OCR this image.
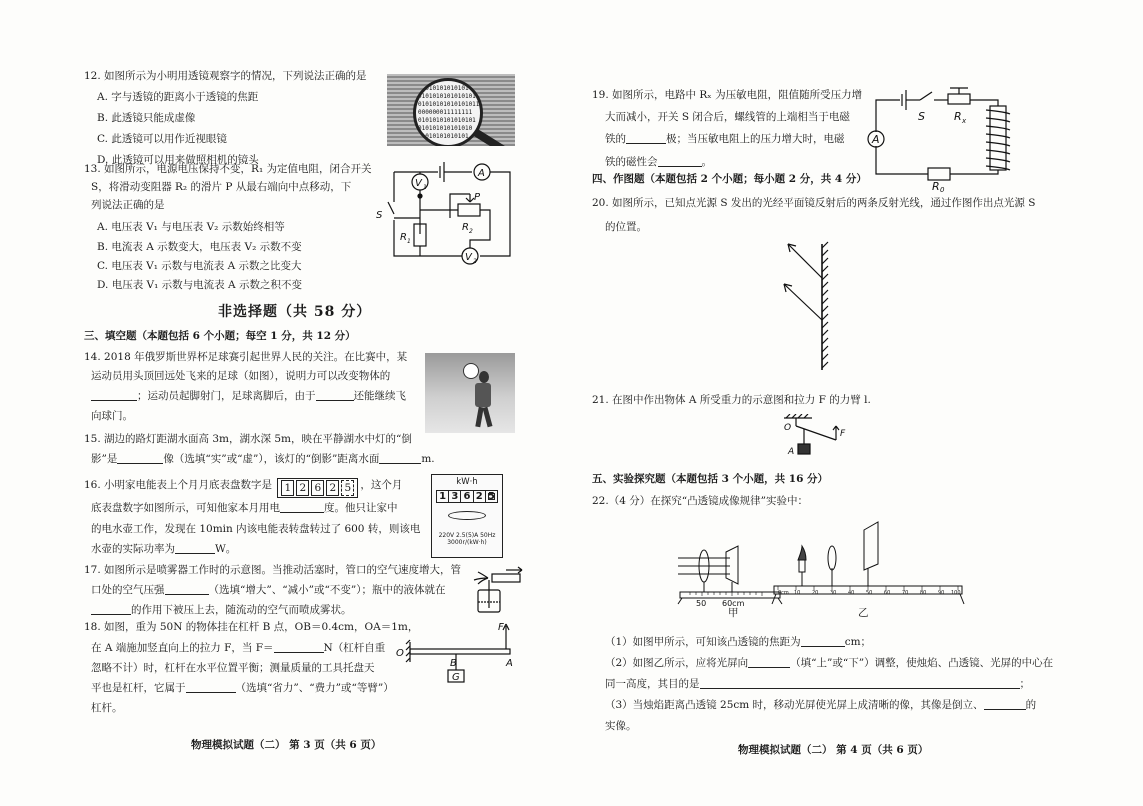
12. 如图所示为小明用透镜观察字的情况，下列说法正确的是
A. 字与透镜的距离小于透镜的焦距
B. 此透镜只能成虚像
C. 此透镜可以用作近视眼镜
D. 此透镜可以用来做照相机的镜头
01010101010101
0101010101010101
01010101010101011
000000011111111
0101010101010101
010101010101010
01010101010101
13. 如图所示，电源电压保持不变，R₁ 为定值电阻，闭合开关
S，将滑动变阻器 R₂ 的滑片 P 从最右端向中点移动，下
列说法正确的是
A. 电压表 V₁ 与电压表 V₂ 示数始终相等
B. 电流表 A 示数变大，电压表 V₂ 示数不变
C. 电压表 V₁ 示数与电流表 A 示数之比变大
D. 电压表 V₁ 示数与电流表 A 示数之积不变
A
V 1
V 2
S
P
R 1
R 2
非选择题（共 58 分）
三、填空题（本题包括 6 个小题；每空 1 分，共 12 分）
14. 2018 年俄罗斯世界杯足球赛引起世界人民的关注。在比赛中，某
运动员用头顶回远处飞来的足球（如图），说明力可以改变物体的
；运动员起脚射门，足球离脚后，由于	还能继续飞
向球门。
15. 湖边的路灯距湖水面高 3m，湖水深 5m，映在平静湖水中灯的“倒
影”是	像（选填“实”或“虚”），该灯的“倒影”距离水面	m.
16. 小明家电能表上个月月底表盘数字是 1 2 6 2 5 ，这个月
底表盘数字如图所示，可知他家本月用电	度。他只让家中
的电水壶工作，发现在 10min 内该电能表转盘转过了 600 转，则该电
水壶的实际功率为	W。
kW·h
1 3 6 2 5
220V 2.5(5)A 50Hz
3000r/(kW·h)
17. 如图所示是喷雾器工作时的示意图。当推动活塞时，管口的空气速度增大，管
口处的空气压强	（选填“增大”、“减小”或“不变”）；瓶中的液体就在
的作用下被压上去，随流动的空气而喷成雾状。
18. 如图，重为 50N 的物体挂在杠杆 B 点，OB＝0.4cm，OA＝1m，
在 A 端施加竖直向上的拉力 F，当 F＝	N（杠杆自重
忽略不计）时，杠杆在水平位置平衡；测量质量的工具托盘天
平也是杠杆，它属于	（选填“省力”、“费力”或“等臂”）
杠杆。
O
B	A
F
G
物理模拟试题（二） 第 3 页（共 6 页）
19. 如图所示，电路中 Rₓ 为压敏电阻，阻值随所受压力增
大而减小，开关 S 闭合后，螺线管的上端相当于电磁
铁的	极；当压敏电阻上的压力增大时，电磁
铁的磁性会	。
A
S	R x
R 0
四、作图题（本题包括 2 个小题；每小题 2 分，共 4 分）
20. 如图所示，已知点光源 S 发出的光经平面镜反射后的两条反射光线，通过作图作出点光源 S
的位置。
21. 在图中作出物体 A 所受重力的示意图和拉力 F 的力臂 l.
O
A
F
五、实验探究题（本题包括 3 个小题，共 16 分）
22.（4 分）在探究“凸透镜成像规律”实验中：
50 60cm
甲
0cm 10 20 30 40 50 60 70 80 90 100
乙
（1）如图甲所示，可知该凸透镜的焦距为	cm；
（2）如图乙所示，应将光屏向	（填“上”或“下”）调整，使烛焰、凸透镜、光屏的中心在
同一高度，其目的是	；
（3）当烛焰距离凸透镜 25cm 时，移动光屏使光屏上成清晰的像，其像是倒立、	的
实像。
物理模拟试题（二） 第 4 页（共 6 页）
